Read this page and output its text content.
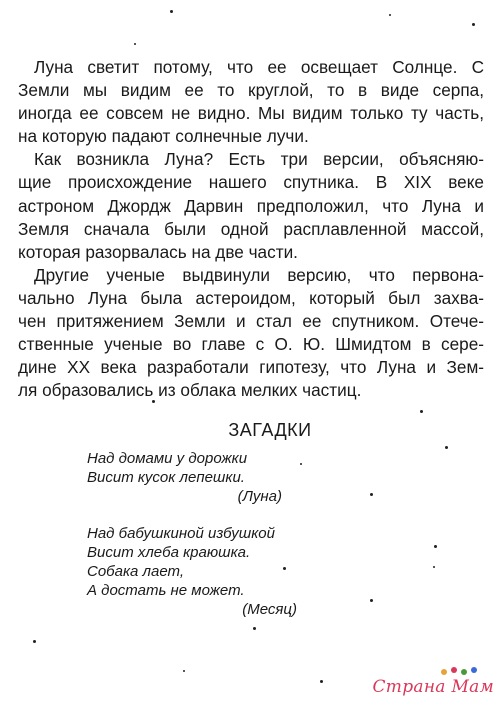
Луна светит потому, что ее освещает Солнце. С
Земли мы видим ее то круглой, то в виде серпа,
иногда ее совсем не видно. Мы видим только ту часть,
на которую падают солнечные лучи.

Как возникла Луна? Есть три версии, объясняю-
щие происхождение нашего спутника. В XIX веке
астроном Джордж Дарвин предположил, что Луна и
Земля сначала были одной расплавленной массой,
которая разорвалась на две части.

Другие ученые выдвинули версию, что первона-
чально Луна была астероидом, который был захва-
чен притяжением Земли и стал ее спутником. Отече-
ственные ученые во главе с О. Ю. Шмидтом в сере-
дине XX века разработали гипотезу, что Луна и Зем-
ля образовались из облака мелких частиц.

ЗАГАДКИ
Над домами у дорожки
Висит кусок лепешки.
(Луна)
Над бабушкиной избушкой
Висит хлеба краюшка.
Собака лает,
А достать не может.
(Месяц)
Страна Мам
